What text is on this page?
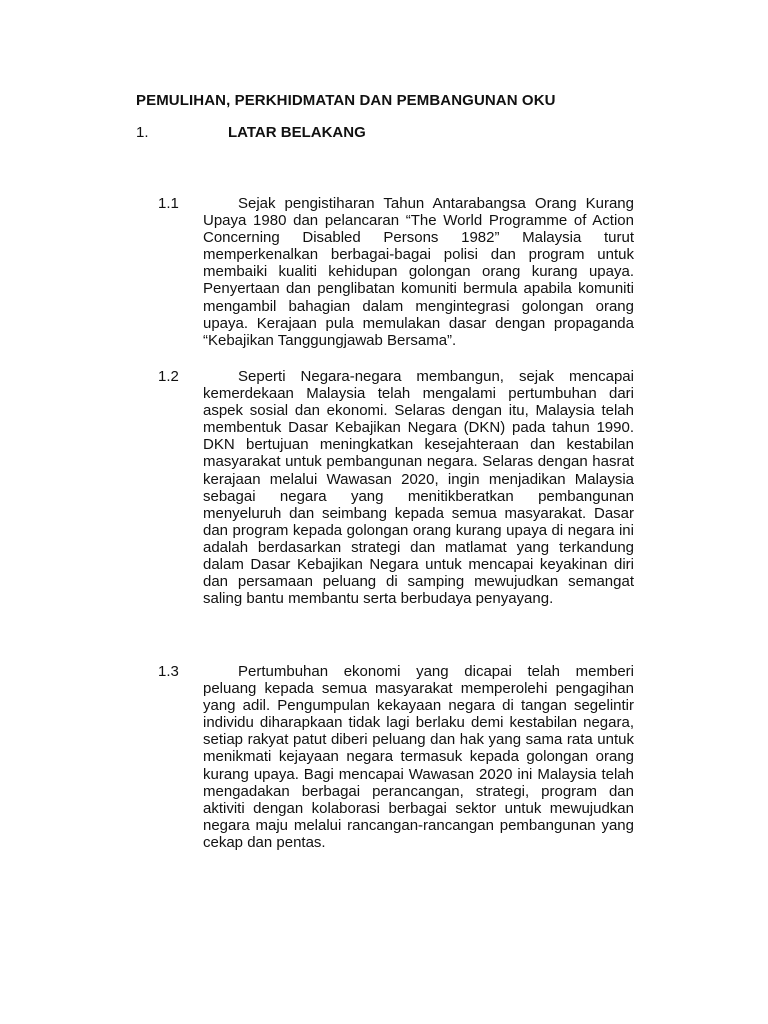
PEMULIHAN, PERKHIDMATAN DAN PEMBANGUNAN OKU
1.	LATAR BELAKANG
1.1	Sejak pengistiharan Tahun Antarabangsa Orang Kurang Upaya 1980 dan pelancaran “The World Programme of Action Concerning Disabled Persons 1982” Malaysia turut memperkenalkan berbagai-bagai polisi dan program untuk membaiki kualiti kehidupan golongan orang kurang upaya. Penyertaan dan penglibatan komuniti bermula apabila komuniti mengambil bahagian dalam mengintegrasi golongan orang upaya. Kerajaan pula memulakan dasar dengan propaganda “Kebajikan Tanggungjawab Bersama”.
1.2	Seperti Negara-negara membangun, sejak mencapai kemerdekaan Malaysia telah mengalami pertumbuhan dari aspek sosial dan ekonomi. Selaras dengan itu, Malaysia telah membentuk Dasar Kebajikan Negara (DKN) pada tahun 1990. DKN bertujuan meningkatkan kesejahteraan dan kestabilan masyarakat untuk pembangunan negara. Selaras dengan hasrat kerajaan melalui Wawasan 2020, ingin menjadikan Malaysia sebagai negara yang menitikberatkan pembangunan menyeluruh dan seimbang kepada semua masyarakat. Dasar dan program kepada golongan orang kurang upaya di negara ini adalah berdasarkan strategi dan matlamat yang terkandung dalam Dasar Kebajikan Negara untuk mencapai keyakinan diri dan persamaan peluang di samping mewujudkan semangat saling bantu membantu serta berbudaya penyayang.
1.3	Pertumbuhan ekonomi yang dicapai telah memberi peluang kepada semua masyarakat memperolehi pengagihan yang adil. Pengumpulan kekayaan negara di tangan segelintir individu diharapkaan tidak lagi berlaku demi kestabilan negara, setiap rakyat patut diberi peluang dan hak yang sama rata untuk menikmati kejayaan negara termasuk kepada golongan orang kurang upaya. Bagi mencapai Wawasan 2020 ini Malaysia telah mengadakan berbagai perancangan, strategi, program dan aktiviti dengan kolaborasi berbagai sektor untuk mewujudkan negara maju melalui rancangan-rancangan pembangunan yang cekap dan pentas.
